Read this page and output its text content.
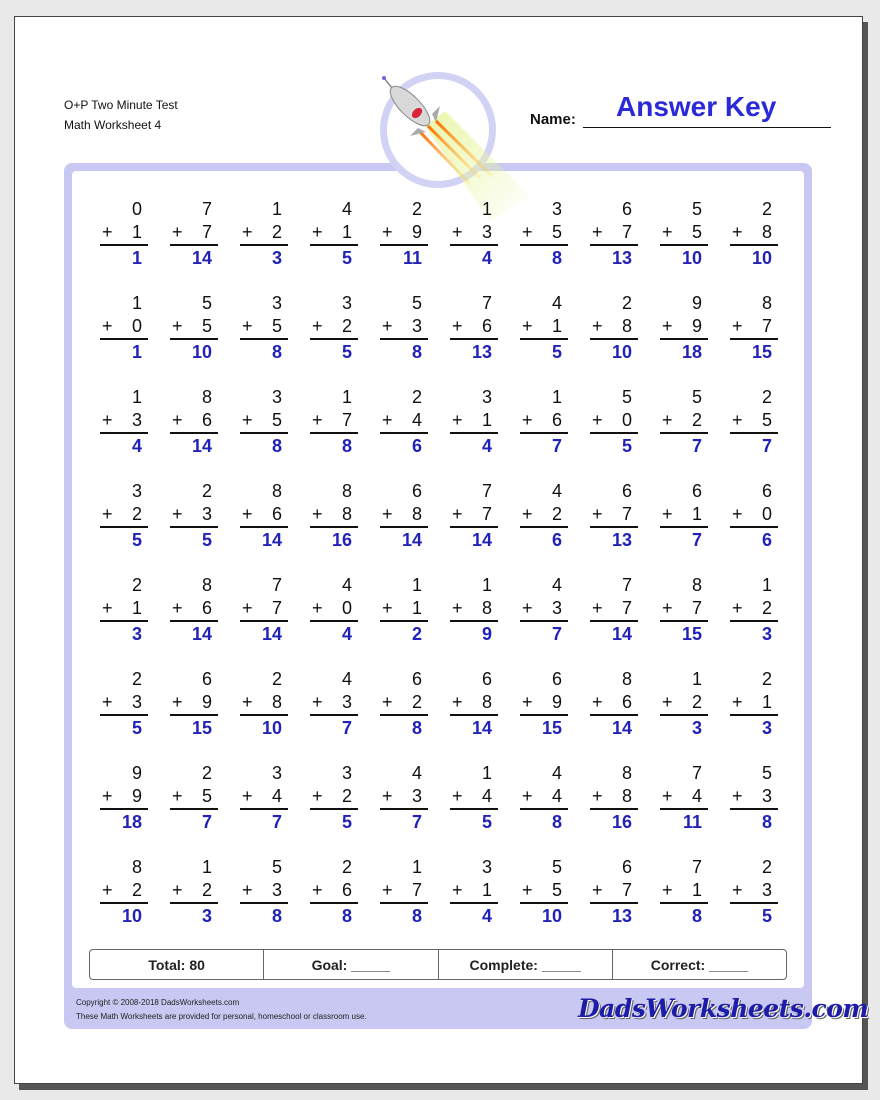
O+P Two Minute Test
Math Worksheet 4	Name: Answer Key
0
+ 1
1
7
+ 7
14
1
+ 2
3
4
+ 1
5
2
+ 9
11
1
+ 3
4
3
+ 5
8
6
+ 7
13
5
+ 5
10
2
+ 8
10
1
+ 0
1
5
+ 5
10
3
+ 5
8
3
+ 2
5
5
+ 3
8
7
+ 6
13
4
+ 1
5
2
+ 8
10
9
+ 9
18
8
+ 7
15
1
+ 3
4
8
+ 6
14
3
+ 5
8
1
+ 7
8
2
+ 4
6
3
+ 1
4
1
+ 6
7
5
+ 0
5
5
+ 2
7
2
+ 5
7
3
+ 2
5
2
+ 3
5
8
+ 6
14
8
+ 8
16
6
+ 8
14
7
+ 7
14
4
+ 2
6
6
+ 7
13
6
+ 1
7
6
+ 0
6
2
+ 1
3
8
+ 6
14
7
+ 7
14
4
+ 0
4
1
+ 1
2
1
+ 8
9
4
+ 3
7
7
+ 7
14
8
+ 7
15
1
+ 2
3
2
+ 3
5
6
+ 9
15
2
+ 8
10
4
+ 3
7
6
+ 2
8
6
+ 8
14
6
+ 9
15
8
+ 6
14
1
+ 2
3
2
+ 1
3
9
+ 9
18
2
+ 5
7
3
+ 4
7
3
+ 2
5
4
+ 3
7
1
+ 4
5
4
+ 4
8
8
+ 8
16
7
+ 4
11
5
+ 3
8
8
+ 2
10
1
+ 2
3
5
+ 3
8
2
+ 6
8
1
+ 7
8
3
+ 1
4
5
+ 5
10
6
+ 7
13
7
+ 1
8
2
+ 3
5
Total: 80	Goal: _____	Complete: _____	Correct: _____
Copyright © 2008-2018 DadsWorksheets.com
These Math Worksheets are provided for personal, homeschool or classroom use.	DadsWorksheets.com
